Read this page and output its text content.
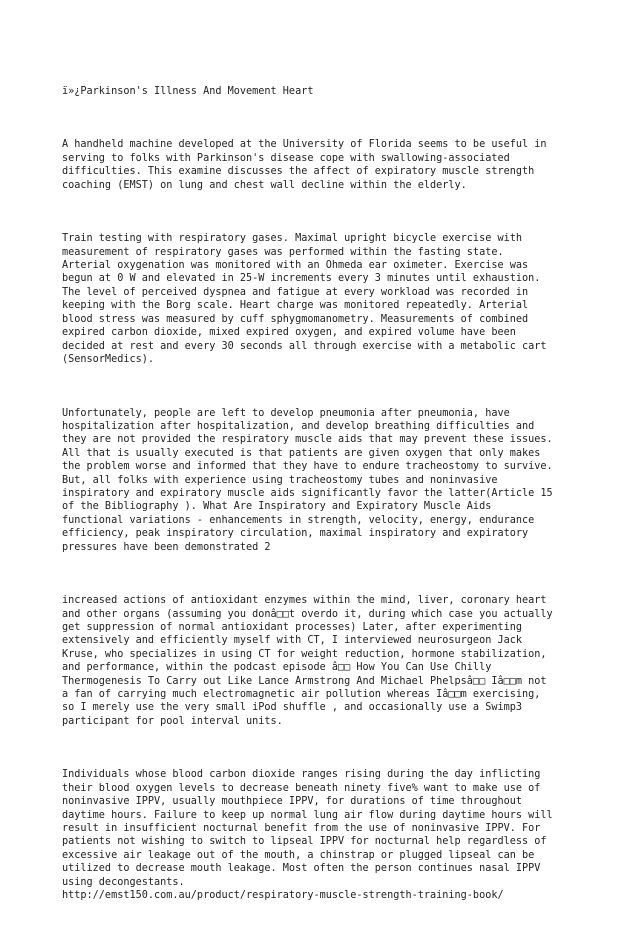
ï»¿Parkinson's Illness And Movement Heart

A handheld machine developed at the University of Florida seems to be useful in
serving to folks with Parkinson's disease cope with swallowing-associated
difficulties. This examine discusses the affect of expiratory muscle strength
coaching (EMST) on lung and chest wall decline within the elderly.

Train testing with respiratory gases. Maximal upright bicycle exercise with
measurement of respiratory gases was performed within the fasting state.
Arterial oxygenation was monitored with an Ohmeda ear oximeter. Exercise was
begun at 0 W and elevated in 25-W increments every 3 minutes until exhaustion.
The level of perceived dyspnea and fatigue at every workload was recorded in
keeping with the Borg scale. Heart charge was monitored repeatedly. Arterial
blood stress was measured by cuff sphygmomanometry. Measurements of combined
expired carbon dioxide, mixed expired oxygen, and expired volume have been
decided at rest and every 30 seconds all through exercise with a metabolic cart
(SensorMedics).

Unfortunately, people are left to develop pneumonia after pneumonia, have
hospitalization after hospitalization, and develop breathing difficulties and
they are not provided the respiratory muscle aids that may prevent these issues.
All that is usually executed is that patients are given oxygen that only makes
the problem worse and informed that they have to endure tracheostomy to survive.
But, all folks with experience using tracheostomy tubes and noninvasive
inspiratory and expiratory muscle aids significantly favor the latter(Article 15
of the Bibliography ). What Are Inspiratory and Expiratory Muscle Aids
functional variations - enhancements in strength, velocity, energy, endurance
efficiency, peak inspiratory circulation, maximal inspiratory and expiratory
pressures have been demonstrated 2

increased actions of antioxidant enzymes within the mind, liver, coronary heart
and other organs (assuming you donâ□□t overdo it, during which case you actually
get suppression of normal antioxidant processes) Later, after experimenting
extensively and efficiently myself with CT, I interviewed neurosurgeon Jack
Kruse, who specializes in using CT for weight reduction, hormone stabilization,
and performance, within the podcast episode â□□ How You Can Use Chilly
Thermogenesis To Carry out Like Lance Armstrong And Michael Phelpsâ□□ Iâ□□m not
a fan of carrying much electromagnetic air pollution whereas Iâ□□m exercising,
so I merely use the very small iPod shuffle , and occasionally use a Swimp3
participant for pool interval units.

Individuals whose blood carbon dioxide ranges rising during the day inflicting
their blood oxygen levels to decrease beneath ninety five% want to make use of
noninvasive IPPV, usually mouthpiece IPPV, for durations of time throughout
daytime hours. Failure to keep up normal lung air flow during daytime hours will
result in insufficient nocturnal benefit from the use of noninvasive IPPV. For
patients not wishing to switch to lipseal IPPV for nocturnal help regardless of
excessive air leakage out of the mouth, a chinstrap or plugged lipseal can be
utilized to decrease mouth leakage. Most often the person continues nasal IPPV
using decongestants.
http://emst150.com.au/product/respiratory-muscle-strength-training-book/
